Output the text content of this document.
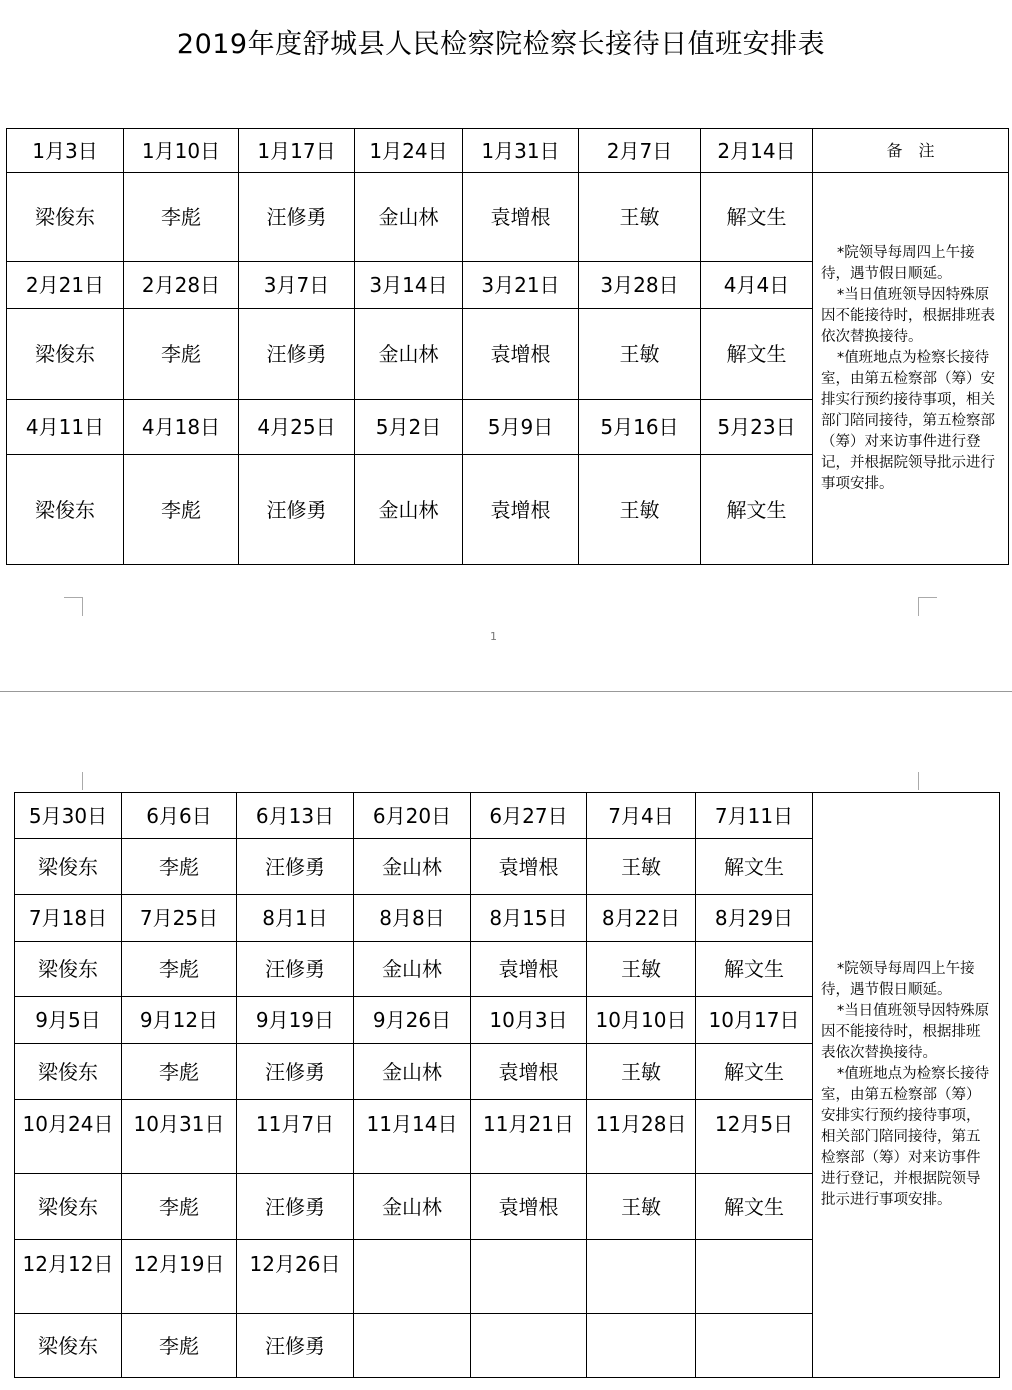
2019年度舒城县人民检察院检察长接待日值班安排表
1月3日	1月10日	1月17日	1月24日	1月31日	2月7日	2月14日	备注
梁俊东	李彪	汪修勇	金山林	袁增根	王敏	解文生	*院领导每周四上午接待，遇节假日顺延。

*当日值班领导因特殊原因不能接待时，根据排班表依次替换接待。

*值班地点为检察长接待室，由第五检察部（筹）安排实行预约接待事项，相关部门陪同接待，第五检察部（筹）对来访事件进行登记，并根据院领导批示进行事项安排。

2月21日	2月28日	3月7日	3月14日	3月21日	3月28日	4月4日	
梁俊东	李彪	汪修勇	金山林	袁增根	王敏	解文生	
4月11日	4月18日	4月25日	5月2日	5月9日	5月16日	5月23日	
梁俊东	李彪	汪修勇	金山林	袁增根	王敏	解文生	
1
5月30日	6月6日	6月13日	6月20日	6月27日	7月4日	7月11日	*院领导每周四上午接待，遇节假日顺延。

*当日值班领导因特殊原因不能接待时，根据排班表依次替换接待。

*值班地点为检察长接待室，由第五检察部（筹）安排实行预约接待事项，相关部门陪同接待，第五检察部（筹）对来访事件进行登记，并根据院领导批示进行事项安排。

梁俊东	李彪	汪修勇	金山林	袁增根	王敏	解文生	
7月18日	7月25日	8月1日	8月8日	8月15日	8月22日	8月29日	
梁俊东	李彪	汪修勇	金山林	袁增根	王敏	解文生	
9月5日	9月12日	9月19日	9月26日	10月3日	10月10日	10月17日	
梁俊东	李彪	汪修勇	金山林	袁增根	王敏	解文生	
10月24日	10月31日	11月7日	11月14日	11月21日	11月28日	12月5日	
梁俊东	李彪	汪修勇	金山林	袁增根	王敏	解文生	
12月12日	12月19日	12月26日					
梁俊东	李彪	汪修勇					
